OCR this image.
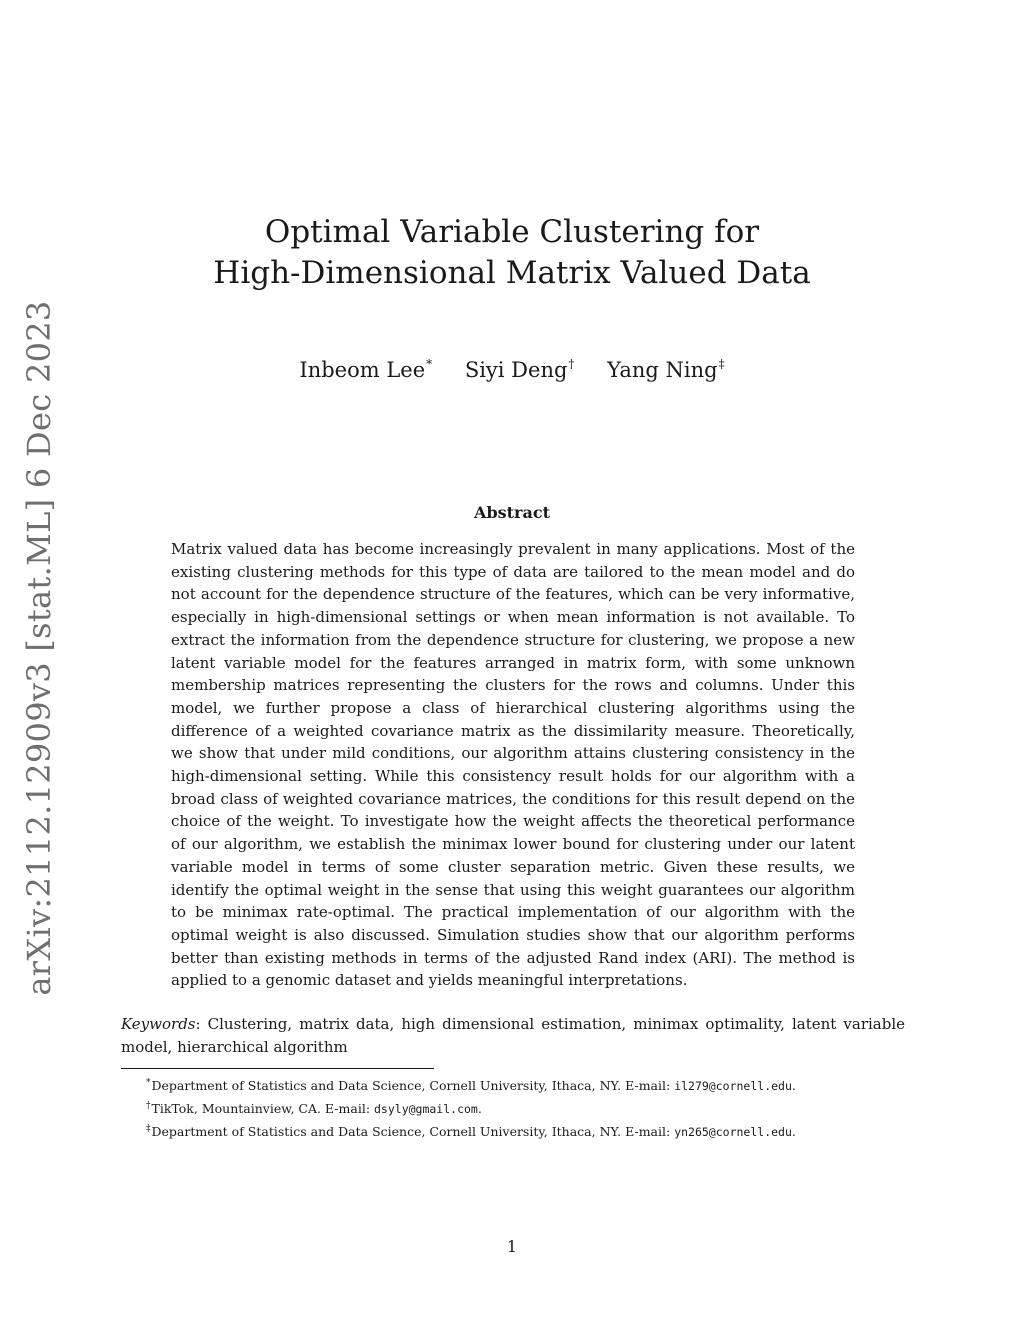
arXiv:2112.12909v3 [stat.ML] 6 Dec 2023
Optimal Variable Clustering for
High-Dimensional Matrix Valued Data
Inbeom Lee* Siyi Deng† Yang Ning‡
Abstract

Matrix valued data has become increasingly prevalent in many applications. Most of the existing clustering methods for this type of data are tailored to the mean model and do not account for the dependence structure of the features, which can be very informative, especially in high-dimensional settings or when mean information is not available. To extract the information from the dependence structure for clustering, we propose a new latent variable model for the features arranged in matrix form, with some unknown membership matrices representing the clusters for the rows and columns. Under this model, we further propose a class of hierarchical clustering algorithms using the difference of a weighted covariance matrix as the dissimilarity measure. Theoretically, we show that under mild conditions, our algorithm attains clustering consistency in the high-dimensional setting. While this consistency result holds for our algorithm with a broad class of weighted covariance matrices, the conditions for this result depend on the choice of the weight. To investigate how the weight affects the theoretical performance of our algorithm, we establish the minimax lower bound for clustering under our latent variable model in terms of some cluster separation metric. Given these results, we identify the optimal weight in the sense that using this weight guarantees our algorithm to be minimax rate-optimal. The practical implementation of our algorithm with the optimal weight is also discussed. Simulation studies show that our algorithm performs better than existing methods in terms of the adjusted Rand index (ARI). The method is applied to a genomic dataset and yields meaningful interpretations.

Keywords: Clustering, matrix data, high dimensional estimation, minimax optimality, latent variable model, hierarchical algorithm

*Department of Statistics and Data Science, Cornell University, Ithaca, NY. E-mail: il279@cornell.edu.
†TikTok, Mountainview, CA. E-mail: dsyly@gmail.com.
‡Department of Statistics and Data Science, Cornell University, Ithaca, NY. E-mail: yn265@cornell.edu.
1
